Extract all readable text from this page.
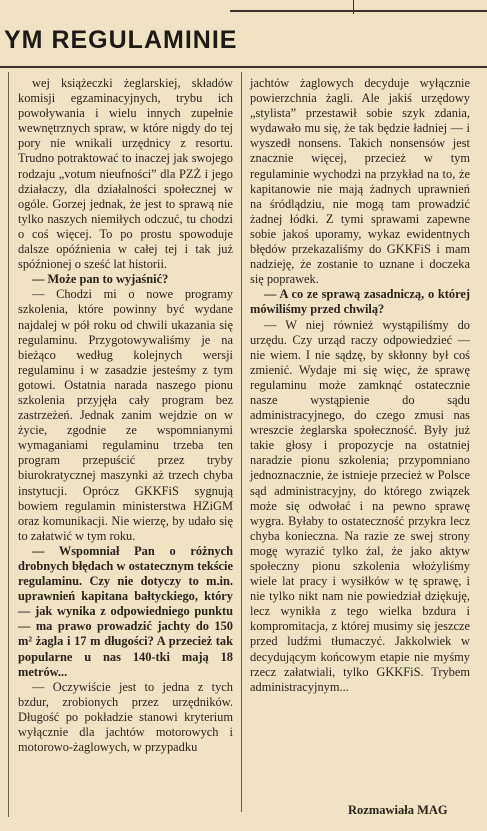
YM REGULAMINIE

wej książeczki żeglarskiej, składów komisji egzaminacyjnych, trybu ich powoływania i wielu innych zupełnie wewnętrznych spraw, w które nigdy do tej pory nie wnikali urzędnicy z resortu. Trudno potraktować to inaczej jak swojego rodzaju „votum nieufności” dla PZŻ i jego działaczy, dla działalności społecznej w ogóle. Gorzej jednak, że jest to sprawą nie tylko naszych niemiłych odczuć, tu chodzi o coś więcej. To po prostu spowoduje dalsze opóźnienia w całej tej i tak już spóźnionej o sześć lat historii.

— Może pan to wyjaśnić?

— Chodzi mi o nowe programy szkolenia, które powinny być wydane najdalej w pół roku od chwili ukazania się regulaminu. Przygotowywaliśmy je na bieżąco według kolejnych wersji regulaminu i w zasadzie jesteśmy z tym gotowi. Ostatnia narada naszego pionu szkolenia przyjęła cały program bez zastrzeżeń. Jednak zanim wejdzie on w życie, zgodnie ze wspomnianymi wymaganiami regulaminu trzeba ten program przepuścić przez tryby biurokratycznej maszynki aż trzech chyba instytucji. Oprócz GKKFiS sygnują bowiem regulamin ministerstwa HZiGM oraz komunikacji. Nie wierzę, by udało się to załatwić w tym roku.

— Wspomniał Pan o różnych drobnych błędach w ostatecznym tekście regulaminu. Czy nie dotyczy to m.in. uprawnień kapitana bałtyckiego, który — jak wynika z odpowiedniego punktu — ma prawo prowadzić jachty do 150 m² żagla i 17 m długości? A przecież tak popularne u nas 140-tki mają 18 metrów...

— Oczywiście jest to jedna z tych bzdur, zrobionych przez urzędników. Długość po pokładzie stanowi kryterium wyłącznie dla jachtów motorowych i motorowo-żaglowych, w przypadku

jachtów żaglowych decyduje wyłącznie powierzchnia żagli. Ale jakiś urzędowy „stylista” przestawił sobie szyk zdania, wydawało mu się, że tak będzie ładniej — i wyszedł nonsens. Takich nonsensów jest znacznie więcej, przecież w tym regulaminie wychodzi na przykład na to, że kapitanowie nie mają żadnych uprawnień na śródlądziu, nie mogą tam prowadzić żadnej łódki. Z tymi sprawami zapewne sobie jakoś uporamy, wykaz ewidentnych błędów przekazaliśmy do GKKFiS i mam nadzieję, że zostanie to uznane i doczeka się poprawek.

— A co ze sprawą zasadniczą, o której mówiliśmy przed chwilą?

— W niej również wystąpiliśmy do urzędu. Czy urząd raczy odpowiedzieć — nie wiem. I nie sądzę, by skłonny był coś zmienić. Wydaje mi się więc, że sprawę regulaminu może zamknąć ostatecznie nasze wystąpienie do sądu administracyjnego, do czego zmusi nas wreszcie żeglarska społeczność. Były już takie głosy i propozycje na ostatniej naradzie pionu szkolenia; przypomniano jednoznacznie, że istnieje przecież w Polsce sąd administracyjny, do którego związek może się odwołać i na pewno sprawę wygra. Byłaby to ostateczność przykra lecz chyba konieczna. Na razie ze swej strony mogę wyrazić tylko żal, że jako aktyw społeczny pionu szkolenia włożyliśmy wiele lat pracy i wysiłków w tę sprawę, i nie tylko nikt nam nie powiedział dziękuję, lecz wynikła z tego wielka bzdura i kompromitacja, z której musimy się jeszcze przed ludźmi tłumaczyć. Jakkolwiek w decydującym końcowym etapie nie myśmy rzecz załatwiali, tylko GKKFiS. Trybem administracyjnym...

Rozmawiała MAG
